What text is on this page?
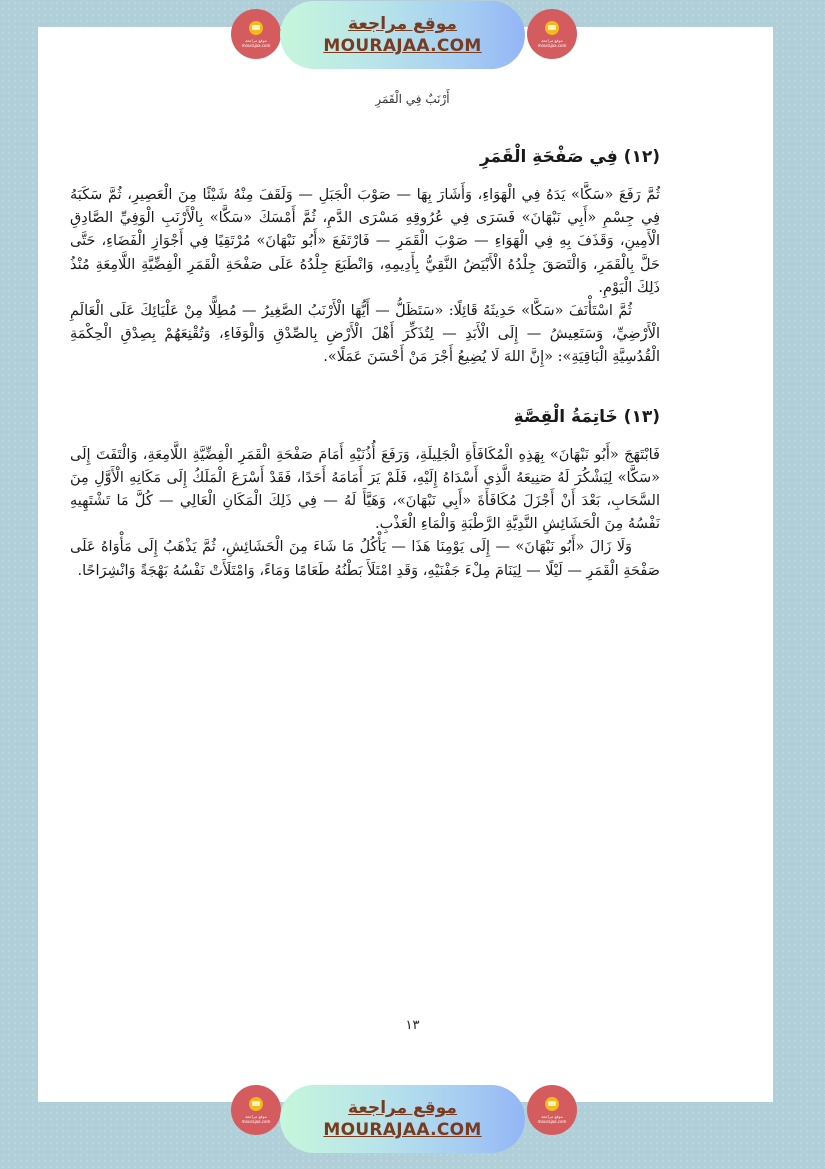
موقع مراجعة
mourajaa.com
موقع مراجعة
MOURAJAA.COM	موقع مراجعة
mourajaa.com
أَرْنَبٌ فِي الْقَمَرِ
(١٢) فِي صَفْحَةِ الْقَمَرِ

ثُمَّ رَفَعَ «سَكَّا» يَدَهُ فِي الْهَوَاءِ، وَأَشَارَ بِهَا — صَوْبَ الْجَبَلِ — وَلَقَفَ مِنْهُ شَيْئًا مِنَ الْعَصِيرِ، ثُمَّ سَكَبَهُ فِي جِسْمِ «أَبِي نَبْهَانَ» فَسَرَى فِي عُرُوقِهِ مَسْرَى الدَّمِ، ثُمَّ أَمْسَكَ «سَكَّا» بِالْأَرْنَبِ الْوَفِيِّ الصَّادِقِ الْأَمِينِ، وَقَذَفَ بِهِ فِي الْهَوَاءِ — صَوْبَ الْقَمَرِ — فَارْتَفَعَ «أَبُو نَبْهَانَ» مُرْتَقِيًا فِي أَجْوَازِ الْفَضَاءِ، حَتَّى حَلَّ بِالْقَمَرِ، وَالْتَصَقَ جِلْدُهُ الْأَبْيَضُ النَّقِيُّ بِأَدِيمِهِ، وَانْطَبَعَ جِلْدُهُ عَلَى صَفْحَةِ الْقَمَرِ الْفِضِّيَّةِ اللَّامِعَةِ مُنْذُ ذَلِكَ الْيَوْمِ.

ثُمَّ اسْتَأْنَفَ «سَكَّا» حَدِيثَهُ قَائِلًا: «سَتَظَلُّ — أَيُّهَا الْأَرْنَبُ الصَّغِيرُ — مُطِلًّا مِنْ عَلْيَائِكَ عَلَى الْعَالَمِ الْأَرْضِيِّ، وَسَتَعِيشُ — إِلَى الْأَبَدِ — لِتُذَكِّرَ أَهْلَ الْأَرْضِ بِالصِّدْقِ وَالْوَفَاءِ، وَتُقْنِعَهُمْ بِصِدْقِ الْحِكْمَةِ الْقُدُسِيَّةِ الْبَاقِيَةِ»: «إِنَّ اللهَ لَا يُضِيعُ أَجْرَ مَنْ أَحْسَنَ عَمَلًا».

(١٣) خَاتِمَةُ الْقِصَّةِ

فَابْتَهَجَ «أَبُو نَبْهَانَ» بِهَذِهِ الْمُكَافَأَةِ الْجَلِيلَةِ، وَرَفَعَ أُذُنَيْهِ أَمَامَ صَفْحَةِ الْقَمَرِ الْفِضِّيَّةِ اللَّامِعَةِ، وَالْتَفَتَ إِلَى «سَكَّا» لِيَشْكُرَ لَهُ صَنِيعَهُ الَّذِي أَسْدَاهُ إِلَيْهِ، فَلَمْ يَرَ أَمَامَهُ أَحَدًا، فَقَدْ أَسْرَعَ الْمَلَكُ إِلَى مَكَانِهِ الْأَوَّلِ مِنَ السَّحَابِ، بَعْدَ أَنْ أَجْزَلَ مُكَافَأَةَ «أَبِي نَبْهَانَ»، وَهَيَّأَ لَهُ — فِي ذَلِكَ الْمَكَانِ الْعَالِي — كُلَّ مَا تَشْتَهِيهِ نَفْسُهُ مِنَ الْحَشَائِشِ النَّدِيَّةِ الرَّطْبَةِ وَالْمَاءِ الْعَذْبِ.

وَلَا زَالَ «أَبُو نَبْهَانَ» — إِلَى يَوْمِنَا هَذَا — يَأْكُلُ مَا شَاءَ مِنَ الْحَشَائِشِ، ثُمَّ يَذْهَبُ إِلَى مَأْوَاهُ عَلَى صَفْحَةِ الْقَمَرِ — لَيْلًا — لِيَنَامَ مِلْءَ جَفْنَيْهِ، وَقَدِ امْتَلَأَ بَطْنُهُ طَعَامًا وَمَاءً، وَامْتَلَأَتْ نَفْسُهُ بَهْجَةً وَانْشِرَاحًا.

١٣
موقع مراجعة
mourajaa.com
موقع مراجعة
MOURAJAA.COM
موقع مراجعة
mourajaa.com
